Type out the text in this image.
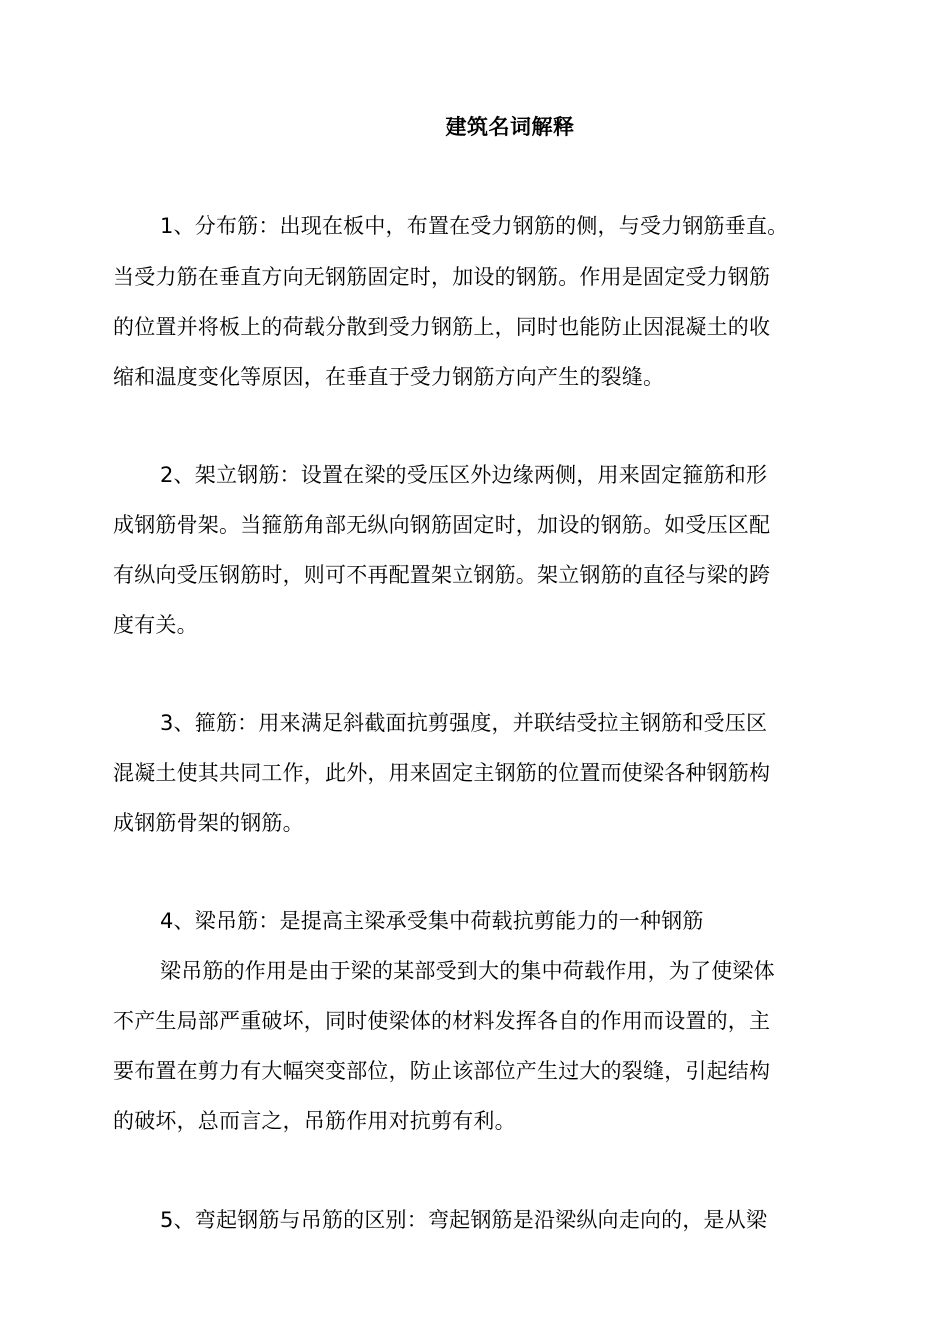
建筑名词解释
1、分布筋：出现在板中，布置在受力钢筋的侧，与受力钢筋垂直。
当受力筋在垂直方向无钢筋固定时，加设的钢筋。作用是固定受力钢筋
的位置并将板上的荷载分散到受力钢筋上，同时也能防止因混凝土的收
缩和温度变化等原因，在垂直于受力钢筋方向产生的裂缝。
2、架立钢筋：设置在梁的受压区外边缘两侧，用来固定箍筋和形
成钢筋骨架。当箍筋角部无纵向钢筋固定时，加设的钢筋。如受压区配
有纵向受压钢筋时，则可不再配置架立钢筋。架立钢筋的直径与梁的跨
度有关。
3、箍筋：用来满足斜截面抗剪强度，并联结受拉主钢筋和受压区
混凝土使其共同工作，此外，用来固定主钢筋的位置而使梁各种钢筋构
成钢筋骨架的钢筋。
4、梁吊筋：是提高主梁承受集中荷载抗剪能力的一种钢筋
梁吊筋的作用是由于梁的某部受到大的集中荷载作用，为了使梁体
不产生局部严重破坏，同时使梁体的材料发挥各自的作用而设置的，主
要布置在剪力有大幅突变部位，防止该部位产生过大的裂缝，引起结构
的破坏，总而言之，吊筋作用对抗剪有利。
5、弯起钢筋与吊筋的区别：弯起钢筋是沿梁纵向走向的，是从梁
